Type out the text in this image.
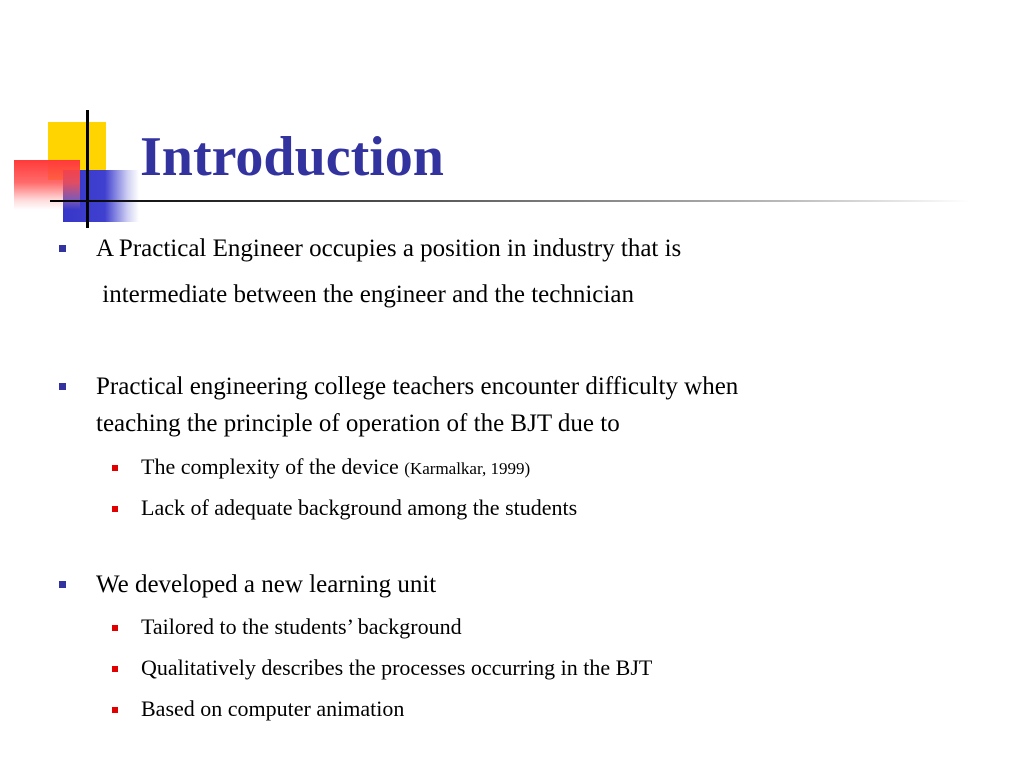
Introduction
A Practical Engineer occupies a position in industry that is
intermediate between the engineer and the technician
Practical engineering college teachers encounter difficulty when
teaching the principle of operation of the BJT due to
The complexity of the device (Karmalkar, 1999)
Lack of adequate background among the students
We developed a new learning unit
Tailored to the students’ background
Qualitatively describes the processes occurring in the BJT
Based on computer animation
